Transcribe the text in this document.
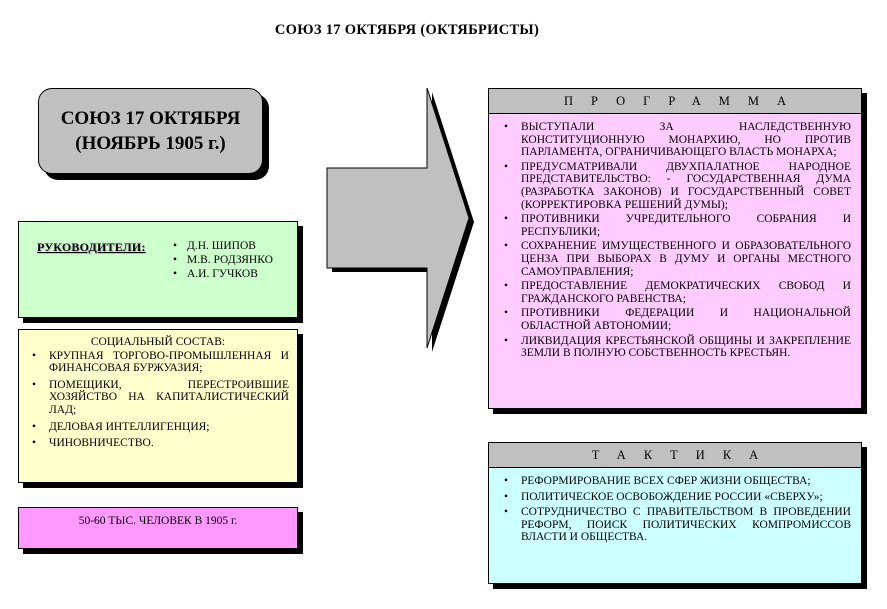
СОЮЗ 17 ОКТЯБРЯ (ОКТЯБРИСТЫ)
СОЮЗ 17 ОКТЯБРЯ
(НОЯБРЬ 1905 г.)
РУКОВОДИТЕЛИ:
•	Д.Н. ШИПОВ
• М.В. РОДЗЯНКО
• А.И. ГУЧКОВ
СОЦИАЛЬНЫЙ СОСТАВ:
• КРУПНАЯ ТОРГОВО-ПРОМЫШЛЕННАЯ И ФИНАНСОВАЯ БУРЖУАЗИЯ;
• ПОМЕЩИКИ, ПЕРЕСТРОИВШИЕ ХОЗЯЙСТВО НА КАПИТАЛИСТИЧЕСКИЙ ЛАД;
• ДЕЛОВАЯ ИНТЕЛЛИГЕНЦИЯ;
• ЧИНОВНИЧЕСТВО.
50-60 ТЫС. ЧЕЛОВЕК В 1905 г.
ПРОГРАММА
• ВЫСТУПАЛИ ЗА НАСЛЕДСТВЕННУЮ КОНСТИТУЦИОННУЮ МОНАРХИЮ, НО ПРОТИВ ПАРЛАМЕНТА, ОГРАНИЧИВАЮЩЕГО ВЛАСТЬ МОНАРХА;
• ПРЕДУСМАТРИВАЛИ ДВУХПАЛАТНОЕ НАРОДНОЕ ПРЕДСТАВИТЕЛЬСТВО: - ГОСУДАРСТВЕННАЯ ДУМА (РАЗРАБОТКА ЗАКОНОВ) И ГОСУДАРСТВЕННЫЙ СОВЕТ (КОРРЕКТИРОВКА РЕШЕНИЙ ДУМЫ);
• ПРОТИВНИКИ УЧРЕДИТЕЛЬНОГО СОБРАНИЯ И РЕСПУБЛИКИ;
• СОХРАНЕНИЕ ИМУЩЕСТВЕННОГО И ОБРАЗОВАТЕЛЬНОГО ЦЕНЗА ПРИ ВЫБОРАХ В ДУМУ И ОРГАНЫ МЕСТНОГО САМОУПРАВЛЕНИЯ;
• ПРЕДОСТАВЛЕНИЕ ДЕМОКРАТИЧЕСКИХ СВОБОД И ГРАЖДАНСКОГО РАВЕНСТВА;
• ПРОТИВНИКИ ФЕДЕРАЦИИ И НАЦИОНАЛЬНОЙ ОБЛАСТНОЙ АВТОНОМИИ;
• ЛИКВИДАЦИЯ КРЕСТЬЯНСКОЙ ОБЩИНЫ И ЗАКРЕПЛЕНИЕ ЗЕМЛИ В ПОЛНУЮ СОБСТВЕННОСТЬ КРЕСТЬЯН.
ТАКТИКА
• РЕФОРМИРОВАНИЕ ВСЕХ СФЕР ЖИЗНИ ОБЩЕСТВА;
• ПОЛИТИЧЕСКОЕ ОСВОБОЖДЕНИЕ РОССИИ «СВЕРХУ»;
• СОТРУДНИЧЕСТВО С ПРАВИТЕЛЬСТВОМ В ПРОВЕДЕНИИ РЕФОРМ, ПОИСК ПОЛИТИЧЕСКИХ КОМПРОМИССОВ ВЛАСТИ И ОБЩЕСТВА.
